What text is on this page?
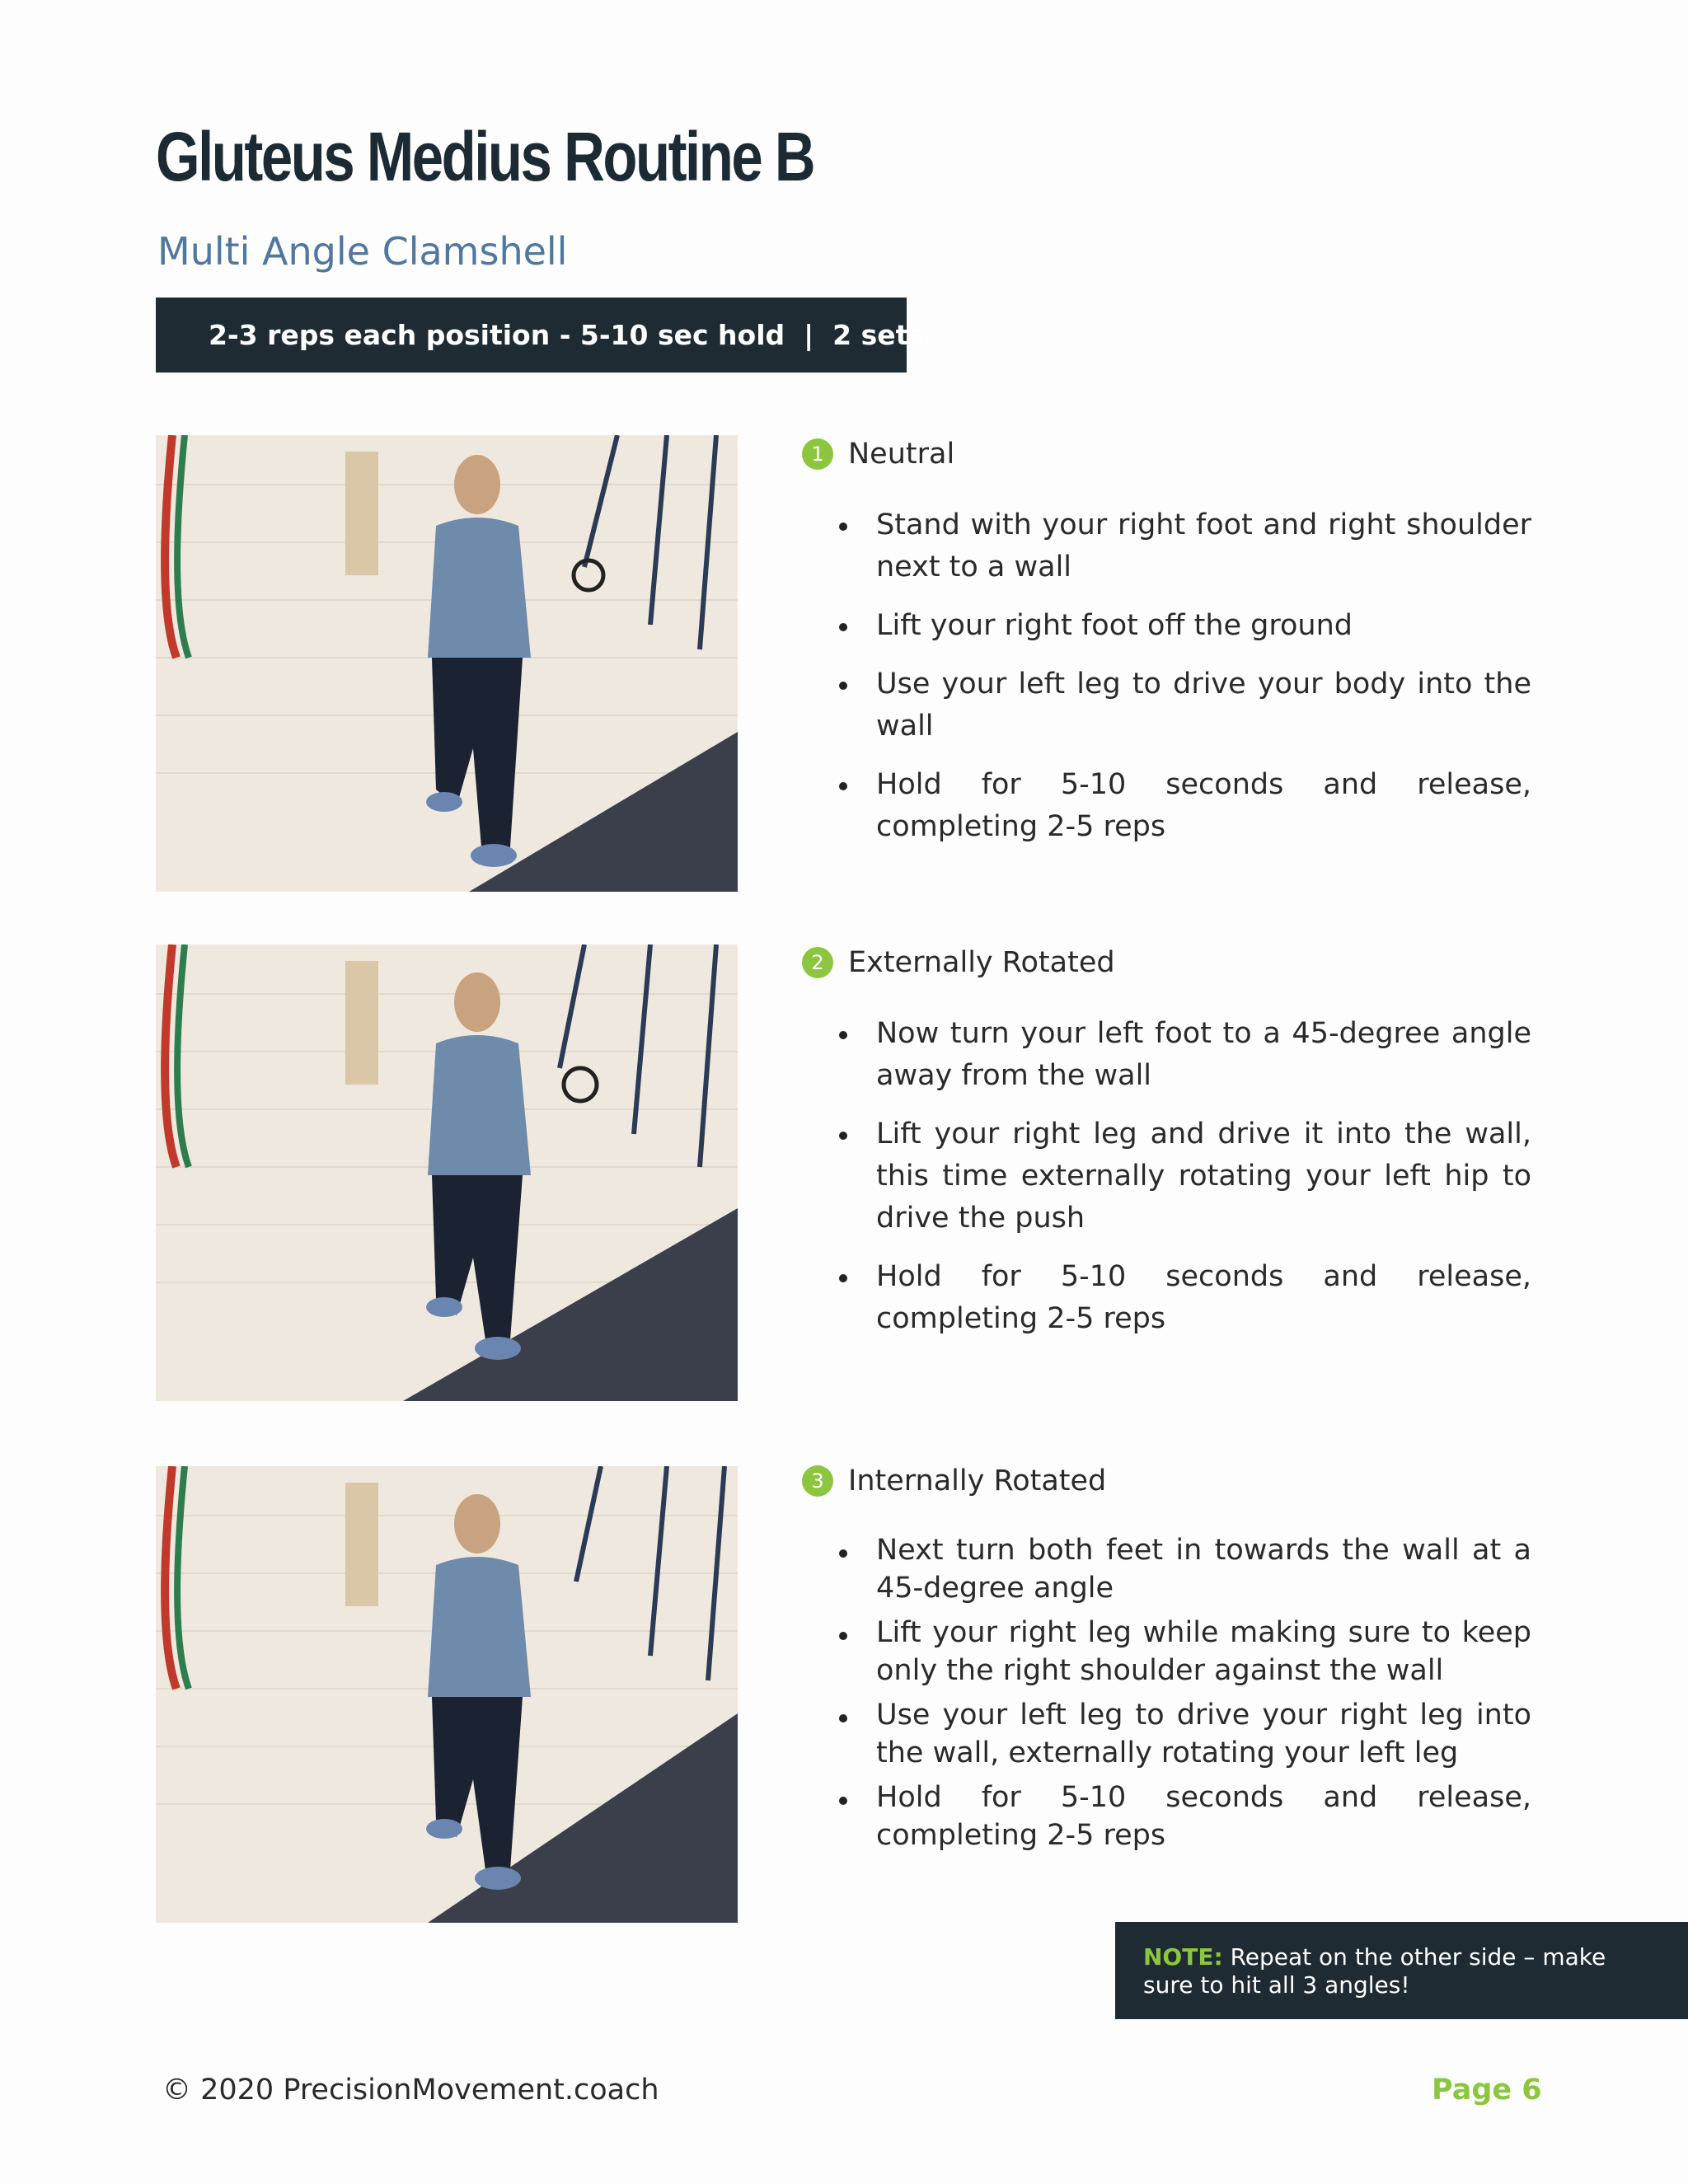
Gluteus Medius Routine B
Multi Angle Clamshell
2-3 reps each position - 5-10 sec hold  |  2 sets
1 Neutral
Stand with your right foot and right shoulder next to a wall
Lift your right foot off the ground
Use your left leg to drive your body into the wall
Hold for 5-10 seconds and release, completing 2-5 reps
2 Externally Rotated
Now turn your left foot to a 45-degree angle away from the wall
Lift your right leg and drive it into the wall, this time externally rotating your left hip to drive the push
Hold for 5-10 seconds and release, completing 2-5 reps
3 Internally Rotated
Next turn both feet in towards the wall at a 45-degree angle
Lift your right leg while making sure to keep only the right shoulder against the wall
Use your left leg to drive your right leg into the wall, externally rotating your left leg
Hold for 5-10 seconds and release, completing 2-5 reps
NOTE: Repeat on the other side – make sure to hit all 3 angles!
© 2020 PrecisionMovement.coach	Page 6
